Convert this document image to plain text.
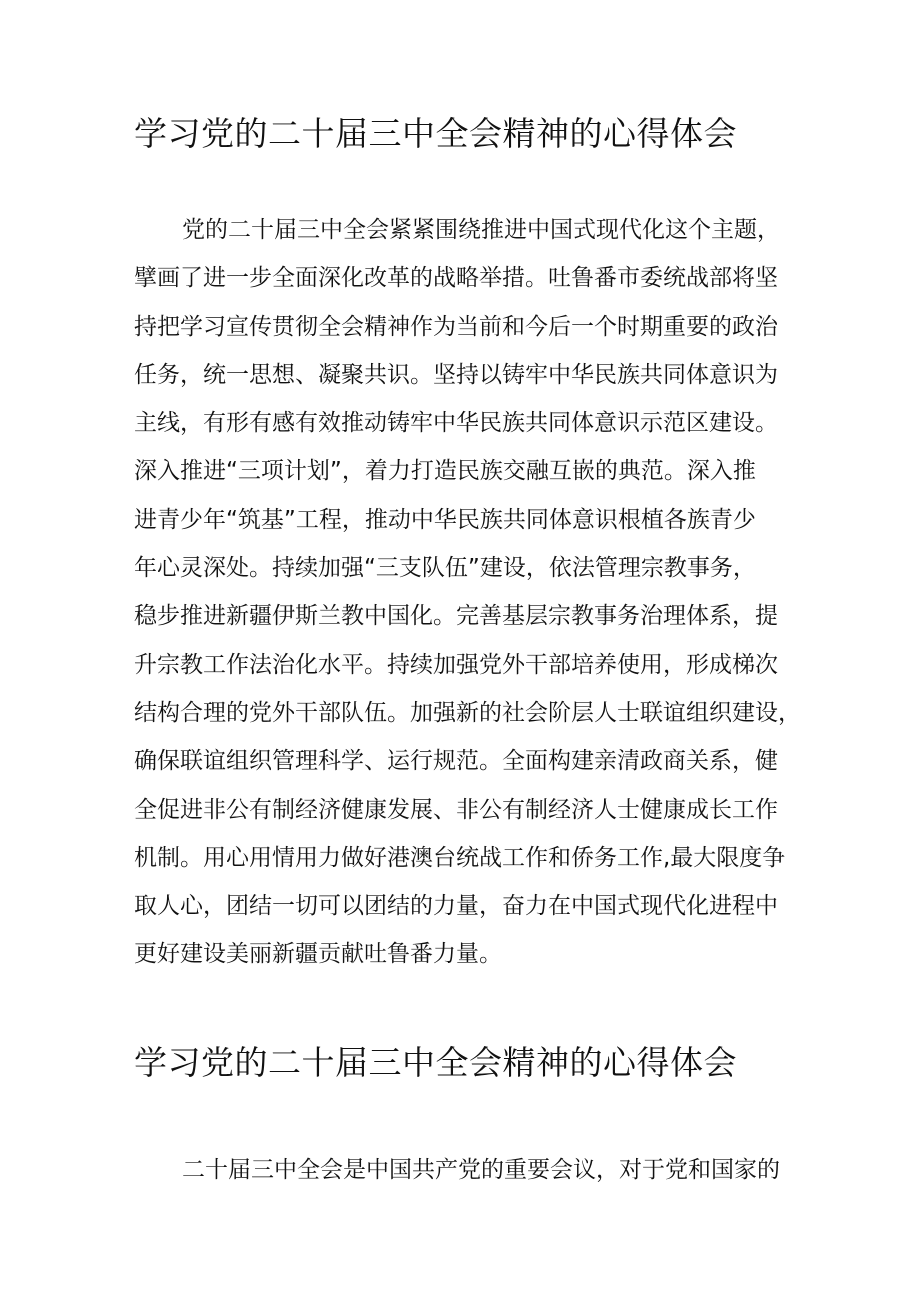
学习党的二十届三中全会精神的心得体会
党的二十届三中全会紧紧围绕推进中国式现代化这个主题，
擘画了进一步全面深化改革的战略举措。吐鲁番市委统战部将坚
持把学习宣传贯彻全会精神作为当前和今后一个时期重要的政治
任务，统一思想、凝聚共识。坚持以铸牢中华民族共同体意识为
主线，有形有感有效推动铸牢中华民族共同体意识示范区建设。
深入推进“三项计划”，着力打造民族交融互嵌的典范。深入推
进青少年“筑基”工程，推动中华民族共同体意识根植各族青少
年心灵深处。持续加强“三支队伍”建设，依法管理宗教事务，
稳步推进新疆伊斯兰教中国化。完善基层宗教事务治理体系，提
升宗教工作法治化水平。持续加强党外干部培养使用，形成梯次
结构合理的党外干部队伍。加强新的社会阶层人士联谊组织建设，
确保联谊组织管理科学、运行规范。全面构建亲清政商关系，健
全促进非公有制经济健康发展、非公有制经济人士健康成长工作
机制。用心用情用力做好港澳台统战工作和侨务工作,最大限度争
取人心，团结一切可以团结的力量，奋力在中国式现代化进程中
更好建设美丽新疆贡献吐鲁番力量。
学习党的二十届三中全会精神的心得体会
二十届三中全会是中国共产党的重要会议，对于党和国家的
